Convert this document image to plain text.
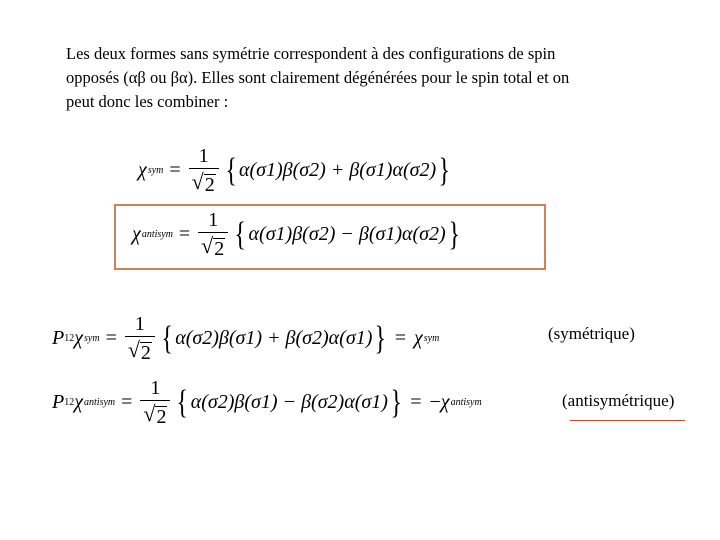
Les deux formes sans symétrie correspondent à des configurations de spin
opposés (αβ ou βα). Elles sont clairement dégénérées pour le spin total et on
peut donc les combiner :
χ sym = $\frac{1}{√ 2}$ { α(σ1)β(σ2) + β(σ1)α(σ2) }
χ antisym = $\frac{1}{√ 2}$ { α(σ1)β(σ2) − β(σ1)α(σ2) }
P 12 χ sym = $\frac{1}{√ 2}$ { α(σ2)β(σ1) + β(σ2)α(σ1) } = χ sym	(symétrique)
P 12 χ antisym = $\frac{1}{√ 2}$ { α(σ2)β(σ1) − β(σ2)α(σ1) } = − χ antisym	(antisymétrique)
